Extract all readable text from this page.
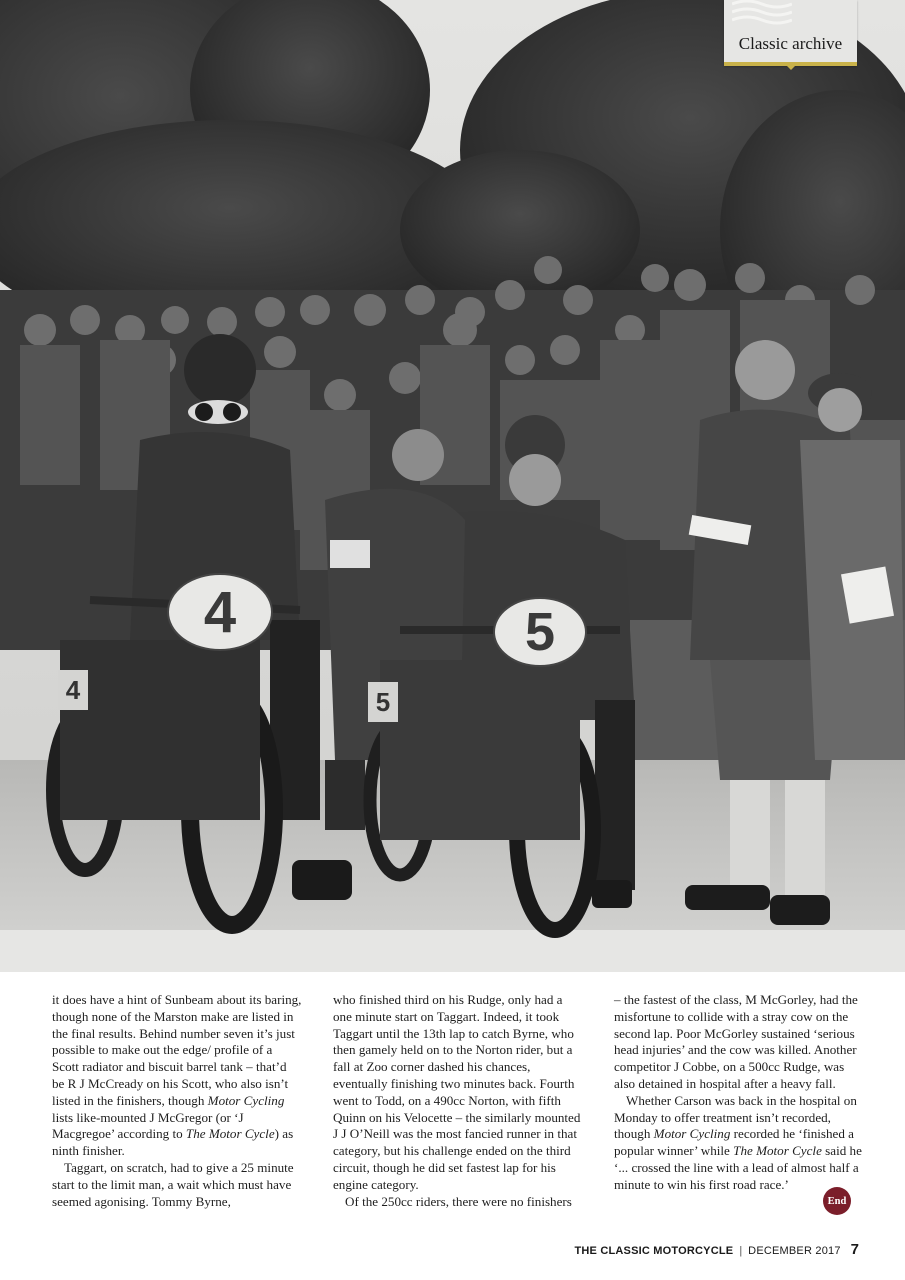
4	5
4	5
Classic archive

it does have a hint of Sunbeam about its baring, though none of the Marston make are listed in the final results. Behind number seven it’s just possible to make out the edge/ profile of a Scott radiator and biscuit barrel tank – that’d be R J McCready on his Scott, who also isn’t listed in the finishers, though Motor Cycling lists like-mounted J McGregor (or ‘J Macgregoe’ according to The Motor Cycle) as ninth finisher.

Taggart, on scratch, had to give a 25 minute start to the limit man, a wait which must have seemed agonising. Tommy Byrne,

who finished third on his Rudge, only had a one minute start on Taggart. Indeed, it took Taggart until the 13th lap to catch Byrne, who then gamely held on to the Norton rider, but a fall at Zoo corner dashed his chances, eventually finishing two minutes back. Fourth went to Todd, on a 490cc Norton, with fifth Quinn on his Velocette – the similarly mounted J J O’Neill was the most fancied runner in that category, but his challenge ended on the third circuit, though he did set fastest lap for his engine category.

Of the 250cc riders, there were no finishers

– the fastest of the class, M McGorley, had the misfortune to collide with a stray cow on the second lap. Poor McGorley sustained ‘serious head injuries’ and the cow was killed. Another competitor J Cobbe, on a 500cc Rudge, was also detained in hospital after a heavy fall.

Whether Carson was back in the hospital on Monday to offer treatment isn’t recorded, though Motor Cycling recorded he ‘finished a popular winner’ while The Motor Cycle said he ‘... crossed the line with a lead of almost half a minute to win his first road race.’

End
THE CLASSIC MOTORCYCLE | DECEMBER 2017 7
